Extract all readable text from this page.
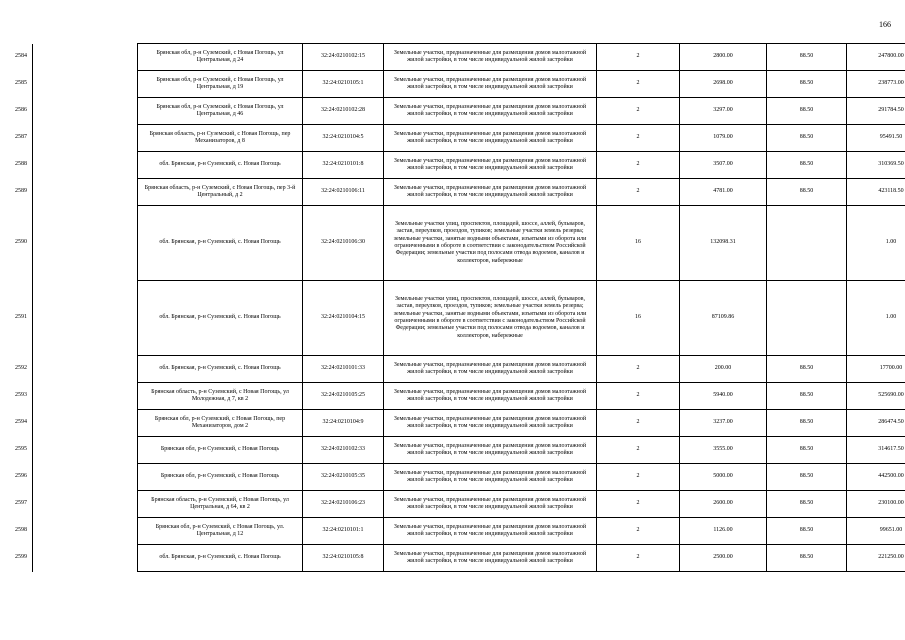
166
2584		Брянская обл, р-н Суземский, с Новая Погощь, ул Центральная, д 24	32:24:0210102:15	Земельные участки, предназначенные для размещения домов малоэтажной жилой застройки, в том числе индивидуальной жилой застройки	2	2800.00	88.50	247800.00
2585		Брянская обл, р-н Суземский, с Новая Погощь, ул Центральная, д 19	32:24:0210105:1	Земельные участки, предназначенные для размещения домов малоэтажной жилой застройки, в том числе индивидуальной жилой застройки	2	2698.00	88.50	238773.00
2586		Брянская обл, р-н Суземский, с Новая Погощь, ул Центральная, д 46	32:24:0210102:28	Земельные участки, предназначенные для размещения домов малоэтажной жилой застройки, в том числе индивидуальной жилой застройки	2	3297.00	88.50	291784.50
2587		Брянская область, р-н Суземский, с Новая Погощь, пер Механизаторов, д 8	32:24:0210104:5	Земельные участки, предназначенные для размещения домов малоэтажной жилой застройки, в том числе индивидуальной жилой застройки	2	1079.00	88.50	95491.50
2588		обл. Брянская, р-н Суземский, с. Новая Погощь	32:24:0210101:8	Земельные участки, предназначенные для размещения домов малоэтажной жилой застройки, в том числе индивидуальной жилой застройки	2	3507.00	88.50	310369.50
2589		Брянская область, р-н Суземский, с Новая Погощь, пер 3-й Центральный, д 2	32:24:0210106:11	Земельные участки, предназначенные для размещения домов малоэтажной жилой застройки, в том числе индивидуальной жилой застройки	2	4781.00	88.50	423118.50
2590		обл. Брянская, р-н Суземский, с. Новая Погощь	32:24:0210106:30	Земельные участки улиц, проспектов, площадей, шоссе, аллей, бульваров, застав, переулков, проездов, тупиков; земельные участки земель резерва; земельные участки, занятые водными объектами, изъятыми из оборота или ограниченными в обороте в соответствии с законодательством Российской Федерации; земельные участки под полосами отвода водоемов, каналов и коллекторов, набережные	16	132098.31		1.00
2591		обл. Брянская, р-н Суземский, с. Новая Погощь	32:24:0210104:15	Земельные участки улиц, проспектов, площадей, шоссе, аллей, бульваров, застав, переулков, проездов, тупиков; земельные участки земель резерва; земельные участки, занятые водными объектами, изъятыми из оборота или ограниченными в обороте в соответствии с законодательством Российской Федерации; земельные участки под полосами отвода водоемов, каналов и коллекторов, набережные	16	87109.86		1.00
2592		обл. Брянская, р-н Суземский, с. Новая Погощь	32:24:0210101:33	Земельные участки, предназначенные для размещения домов малоэтажной жилой застройки, в том числе индивидуальной жилой застройки	2	200.00	88.50	17700.00
2593		Брянская область, р-н Суземский, с Новая Погощь, ул Молодежная, д 7, кв 2	32:24:0210105:25	Земельные участки, предназначенные для размещения домов малоэтажной жилой застройки, в том числе индивидуальной жилой застройки	2	5940.00	88.50	525690.00
2594		Брянская обл, р-н Суземский, с Новая Погощь, пер Механизаторов, дом 2	32:24:0210104:9	Земельные участки, предназначенные для размещения домов малоэтажной жилой застройки, в том числе индивидуальной жилой застройки	2	3237.00	88.50	286474.50
2595		Брянская обл, р-н Суземский, с Новая Погощь	32:24:0210102:33	Земельные участки, предназначенные для размещения домов малоэтажной жилой застройки, в том числе индивидуальной жилой застройки	2	3555.00	88.50	314617.50
2596		Брянская обл, р-н Суземский, с Новая Погощь	32:24:0210105:35	Земельные участки, предназначенные для размещения домов малоэтажной жилой застройки, в том числе индивидуальной жилой застройки	2	5000.00	88.50	442500.00
2597		Брянская область, р-н Суземский, с Новая Погощь, ул Центральная, д 64, кв 2	32:24:0210106:23	Земельные участки, предназначенные для размещения домов малоэтажной жилой застройки, в том числе индивидуальной жилой застройки	2	2600.00	88.50	230100.00
2598		Брянская обл, р-н Суземский, с Новая Погощь, ул. Центральная, д 12	32:24:0210101:1	Земельные участки, предназначенные для размещения домов малоэтажной жилой застройки, в том числе индивидуальной жилой застройки	2	1126.00	88.50	99651.00
2599		обл. Брянская, р-н Суземский, с. Новая Погощь	32:24:0210105:8	Земельные участки, предназначенные для размещения домов малоэтажной жилой застройки, в том числе индивидуальной жилой застройки	2	2500.00	88.50	221250.00
